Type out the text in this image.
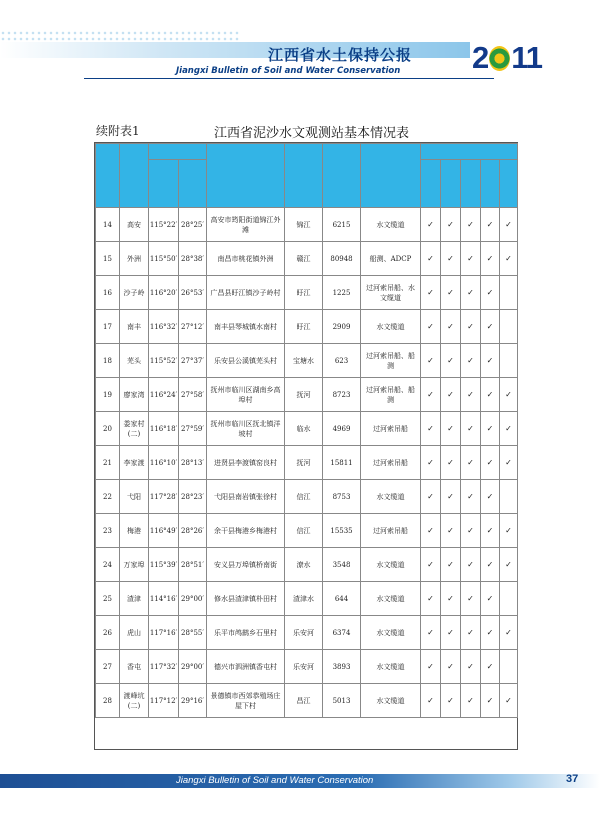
江西省水土保持公报
Jiangxi Bulletin of Soil and Water Conservation 2 11
续附表1	江西省泥沙水文观测站基本情况表

14	高安	115°22′	28°25′	高安市筠阳街道锦江外滩	锦江	6215	水文缆道	✓	✓	✓	✓	✓
15	外洲	115°50′	28°38′	南昌市桃花镇外洲	赣江	80948	船测、ADCP	✓	✓	✓	✓	✓
16	沙子岭	116°20′	26°53′	广昌县盱江镇沙子岭村	盱江	1225	过河索吊船、水文缆道	✓	✓	✓	✓	
17	南丰	116°32′	27°12′	南丰县琴城镇水南村	盱江	2909	水文缆道	✓	✓	✓	✓	
18	芜头	115°52′	27°37′	乐安县公溪镇芜头村	宝塘水	623	过河索吊船、船测	✓	✓	✓	✓	
19	廖家湾	116°24′	27°58′	抚州市临川区湖南乡高埠村	抚河	8723	过河索吊船、船测	✓	✓	✓	✓	✓
20	娄家村(二)	116°18′	27°59′	抚州市临川区抚北镇洋坡村	临水	4969	过河索吊船	✓	✓	✓	✓	✓
21	李家渡	116°10′	28°13′	进贤县李渡镇窑良村	抚河	15811	过河索吊船	✓	✓	✓	✓	✓
22	弋阳	117°28′	28°23′	弋阳县南岩镇张徐村	信江	8753	水文缆道	✓	✓	✓	✓	
23	梅港	116°49′	28°26′	余干县梅港乡梅港村	信江	15535	过河索吊船	✓	✓	✓	✓	✓
24	万家埠	115°39′	28°51′	安义县万埠镇桥南街	潦水	3548	水文缆道	✓	✓	✓	✓	✓
25	渣津	114°16′	29°00′	修水县渣津镇朴田村	渣津水	644	水文缆道	✓	✓	✓	✓	
26	虎山	117°16′	28°55′	乐平市鸬鹚乡石里村	乐安河	6374	水文缆道	✓	✓	✓	✓	✓
27	香屯	117°32′	29°00′	德兴市泗洲镇香屯村	乐安河	3893	水文缆道	✓	✓	✓	✓	
28	渡峰坑(二)	117°12′	29°16′	景德镇市西郊恭殖场庄屋下村	昌江	5013	水文缆道	✓	✓	✓	✓	✓
Jiangxi Bulletin of Soil and Water Conservation	37
